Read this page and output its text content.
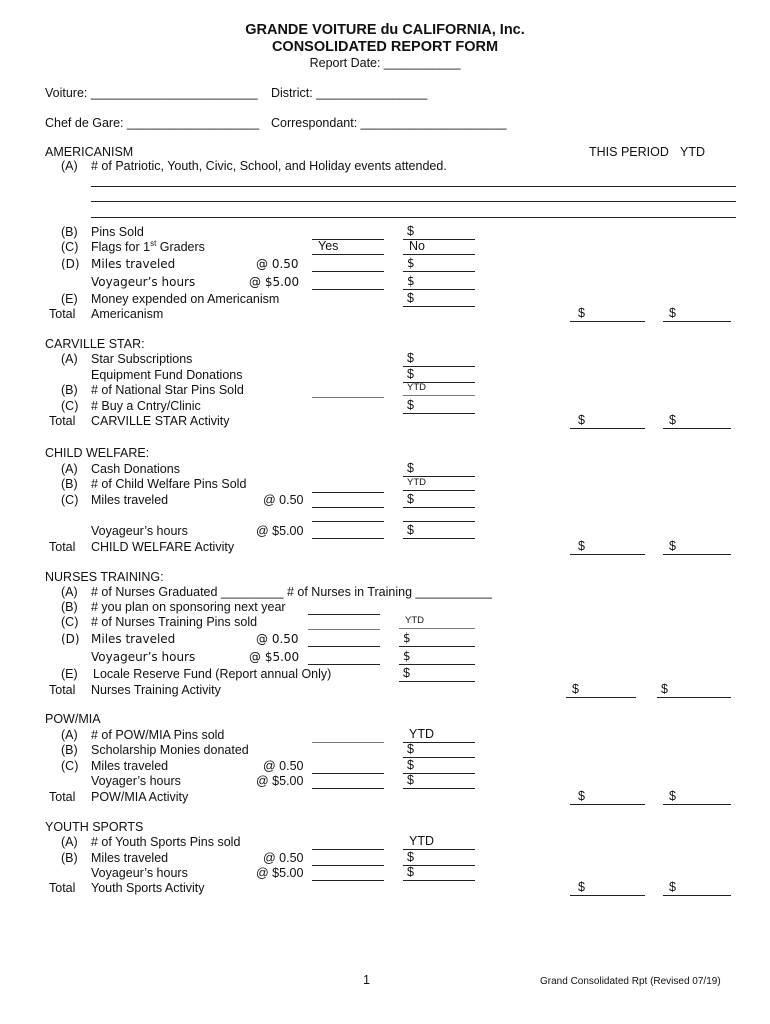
GRANDE VOITURE du CALIFORNIA, Inc.
CONSOLIDATED REPORT FORM
Report Date: ___________
Voiture: ________________________ District: ________________
Chef de Gare: ___________________ Correspondant: _____________________
THIS PERIOD YTD
AMERICANISM
(A) # of Patriotic, Youth, Civic, School, and Holiday events attended.
(B) Pins Sold	$
(C) Flags for 1st Graders	Yes	No
(D) Miles traveled	@ 0.50	$
Voyageur’s hours	@ $5.00	$
(E) Money expended on Americanism	$
Total Americanism	$	$
CARVILLE STAR:
(A) Star Subscriptions	$
Equipment Fund Donations	$
(B) # of National Star Pins Sold	YTD
(C) # Buy a Cntry/Clinic	$
Total CARVILLE STAR Activity	$	$
CHILD WELFARE:
(A) Cash Donations	$
(B) # of Child Welfare Pins Sold	YTD
(C) Miles traveled	@ 0.50	$
Voyageur’s hours	@ $5.00	$
Total CHILD WELFARE Activity	$	$
NURSES TRAINING:
(A) # of Nurses Graduated _________ # of Nurses in Training ___________
(B) # you plan on sponsoring next year
(C) # of Nurses Training Pins sold	YTD
(D) Miles traveled	@ 0.50	$
Voyageur’s hours	@ $5.00	$
(E) Locale Reserve Fund (Report annual Only)	$
Total Nurses Training Activity	$	$
POW/MIA
(A) # of POW/MIA Pins sold	YTD
(B) Scholarship Monies donated	$
(C) Miles traveled	@ 0.50	$
Voyager’s hours	@ $5.00	$
Total POW/MIA Activity	$	$
YOUTH SPORTS
(A) # of Youth Sports Pins sold	YTD
(B) Miles traveled	@ 0.50	$
Voyageur’s hours	@ $5.00	$
Total Youth Sports Activity	$	$
1	Grand Consolidated Rpt (Revised 07/19)
